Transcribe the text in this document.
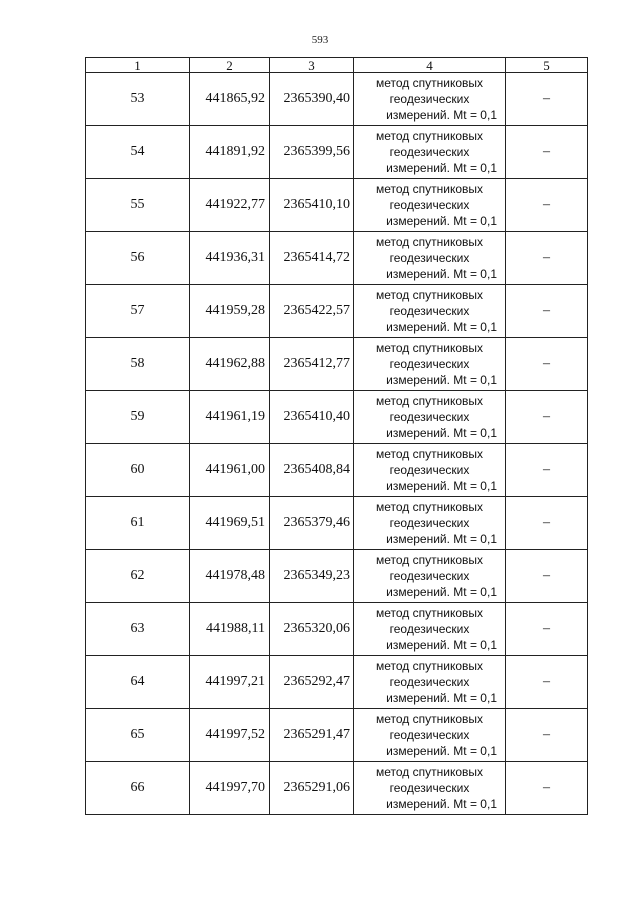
593
1	2	3	4	5
53	441865,92	2365390,40	метод спутниковых
геодезических
измерений. Mt = 0,1	–
54	441891,92	2365399,56	метод спутниковых
геодезических
измерений. Mt = 0,1	–
55	441922,77	2365410,10	метод спутниковых
геодезических
измерений. Mt = 0,1	–
56	441936,31	2365414,72	метод спутниковых
геодезических
измерений. Mt = 0,1	–
57	441959,28	2365422,57	метод спутниковых
геодезических
измерений. Mt = 0,1	–
58	441962,88	2365412,77	метод спутниковых
геодезических
измерений. Mt = 0,1	–
59	441961,19	2365410,40	метод спутниковых
геодезических
измерений. Mt = 0,1	–
60	441961,00	2365408,84	метод спутниковых
геодезических
измерений. Mt = 0,1	–
61	441969,51	2365379,46	метод спутниковых
геодезических
измерений. Mt = 0,1	–
62	441978,48	2365349,23	метод спутниковых
геодезических
измерений. Mt = 0,1	–
63	441988,11	2365320,06	метод спутниковых
геодезических
измерений. Mt = 0,1	–
64	441997,21	2365292,47	метод спутниковых
геодезических
измерений. Mt = 0,1	–
65	441997,52	2365291,47	метод спутниковых
геодезических
измерений. Mt = 0,1	–
66	441997,70	2365291,06	метод спутниковых
геодезических
измерений. Mt = 0,1	–
